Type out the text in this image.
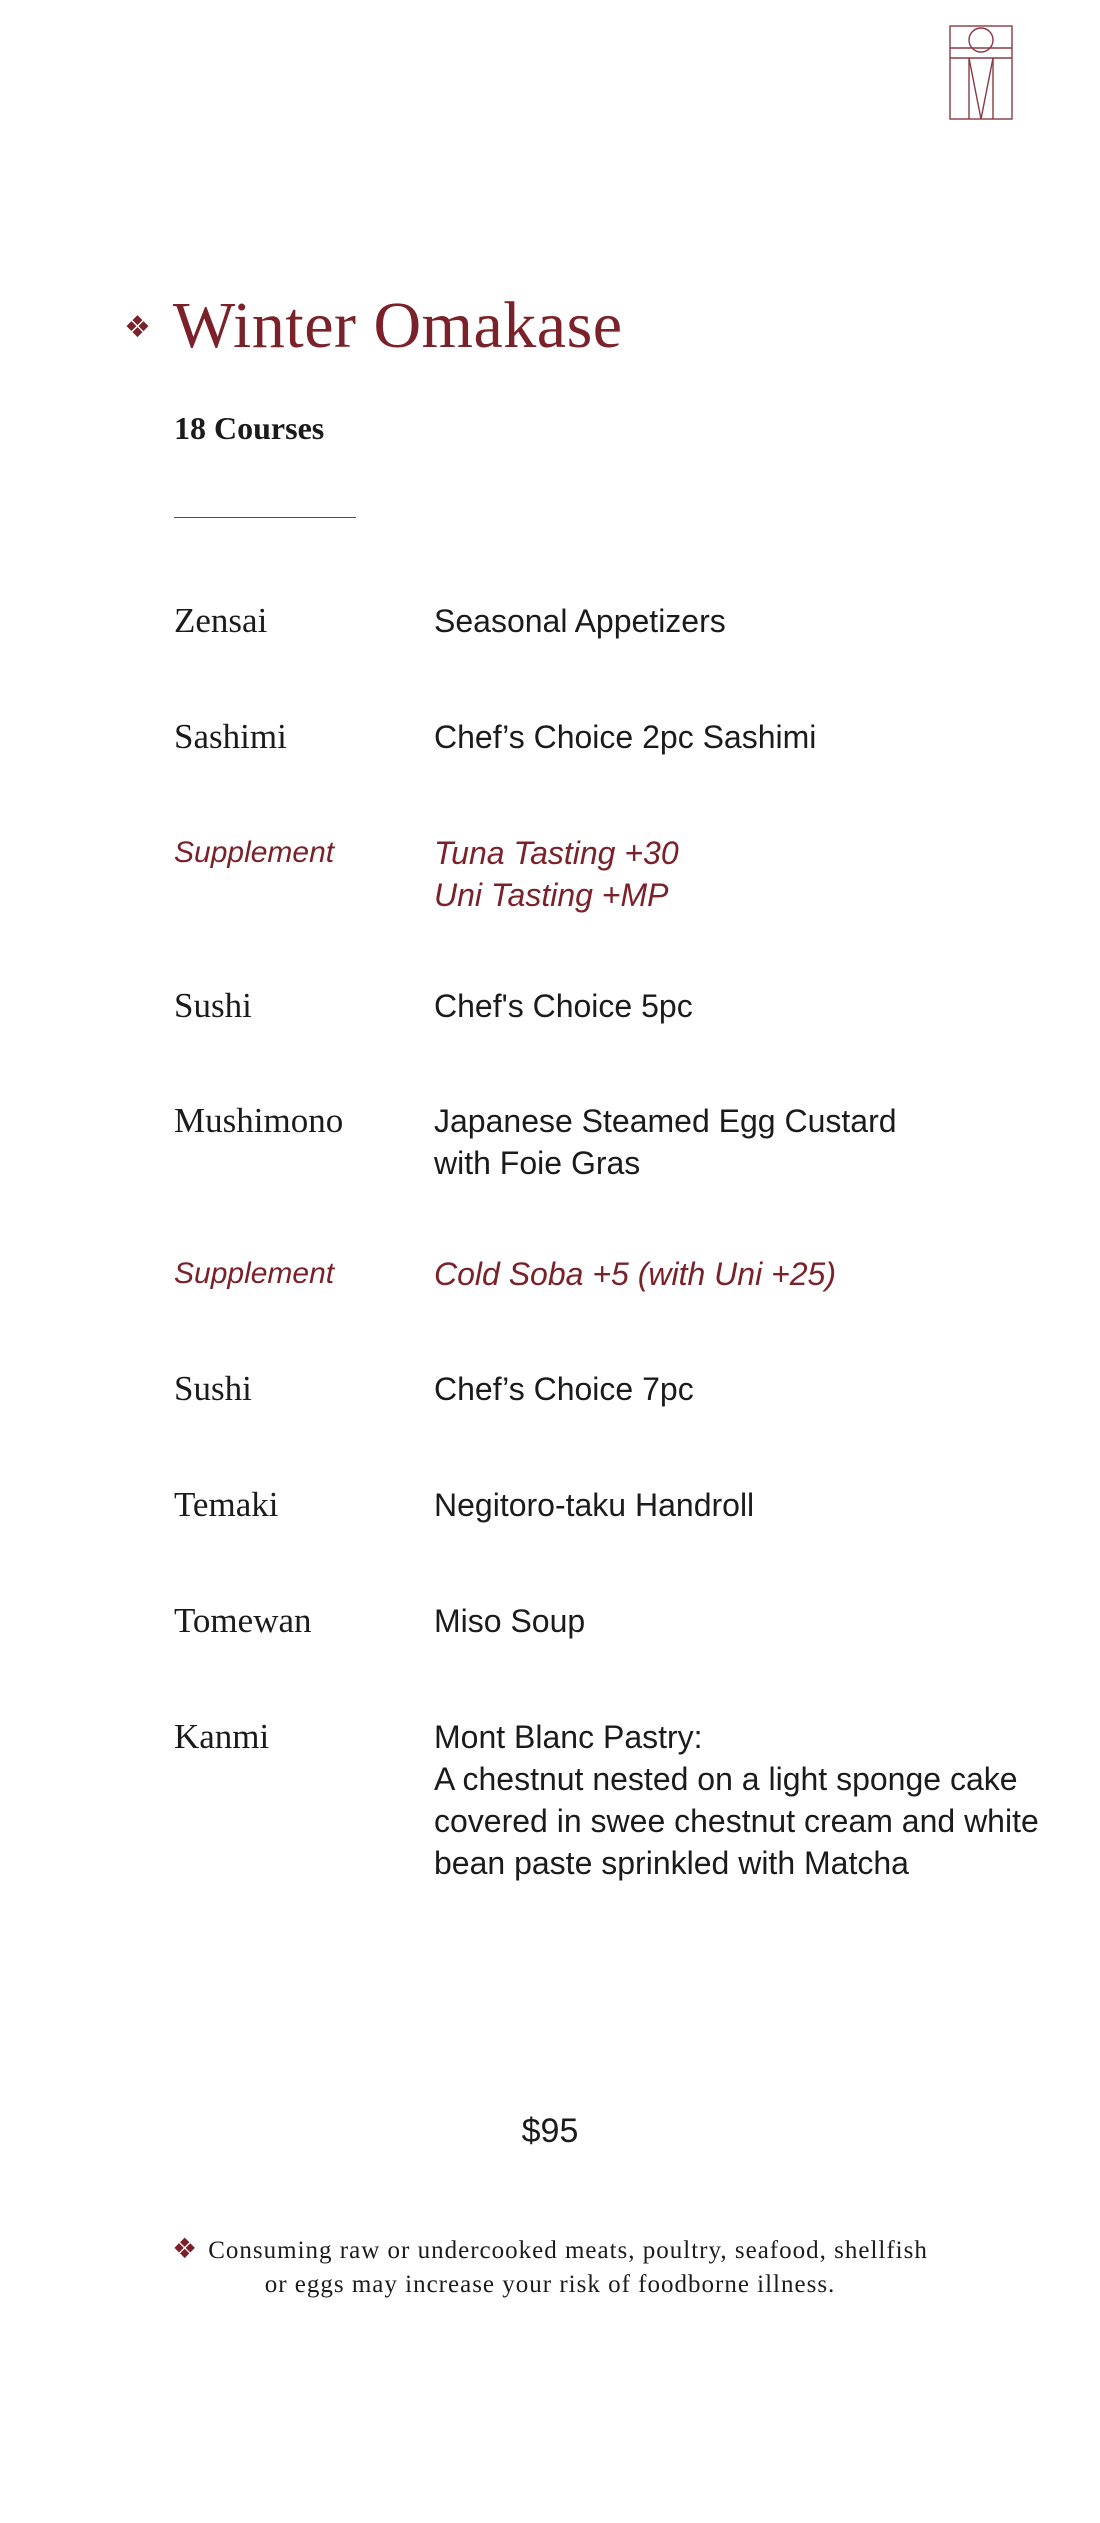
❖ Winter Omakase
18 Courses
Zensai	Seasonal Appetizers
Sashimi	Chef’s Choice 2pc Sashimi
Supplement	Tuna Tasting +30
Uni Tasting +MP
Sushi	Chef's Choice 5pc
Mushimono	Japanese Steamed Egg Custard
with Foie Gras
Supplement	Cold Soba +5 (with Uni +25)
Sushi	Chef’s Choice 7pc
Temaki	Negitoro-taku Handroll
Tomewan	Miso Soup
Kanmi	Mont Blanc Pastry:
A chestnut nested on a light sponge cake
covered in swee chestnut cream and white
bean paste sprinkled with Matcha
$95
❖ Consuming raw or undercooked meats, poultry, seafood, shellfish
or eggs may increase your risk of foodborne illness.
